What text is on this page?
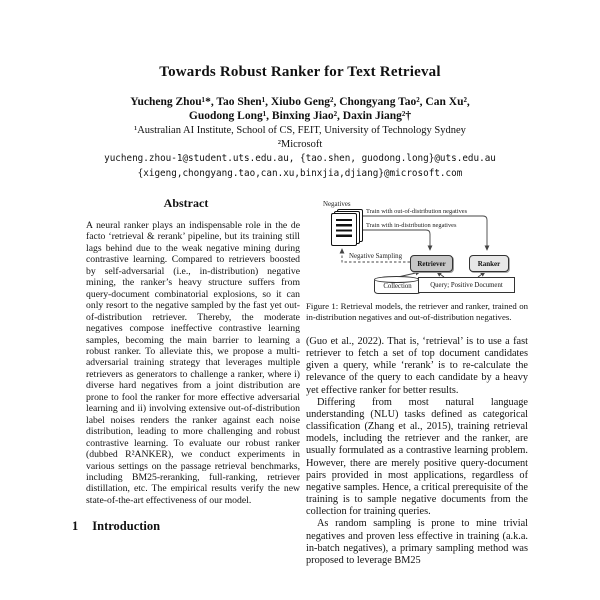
Towards Robust Ranker for Text Retrieval
Yucheng Zhou¹*, Tao Shen¹, Xiubo Geng², Chongyang Tao², Can Xu²,
Guodong Long¹, Binxing Jiao², Daxin Jiang²†
¹Australian AI Institute, School of CS, FEIT, University of Technology Sydney
²Microsoft
yucheng.zhou-1@student.uts.edu.au, {tao.shen, guodong.long}@uts.edu.au
{xigeng,chongyang.tao,can.xu,binxjia,djiang}@microsoft.com
Abstract

A neural ranker plays an indispensable role in the de facto ‘retrieval & rerank’ pipeline, but its training still lags behind due to the weak negative mining during contrastive learning. Compared to retrievers boosted by self-adversarial (i.e., in-distribution) negative mining, the ranker’s heavy structure suffers from query-document combinatorial explosions, so it can only resort to the negative sampled by the fast yet out-of-distribution retriever. Thereby, the moderate negatives compose ineffective contrastive learning samples, becoming the main barrier to learning a robust ranker. To alleviate this, we propose a multi-adversarial training strategy that leverages multiple retrievers as generators to challenge a ranker, where i) diverse hard negatives from a joint distribution are prone to fool the ranker for more effective adversarial learning and ii) involving extensive out-of-distribution label noises renders the ranker against each noise distribution, leading to more challenging and robust contrastive learning. To evaluate our robust ranker (dubbed R²ANKER), we conduct experiments in various settings on the passage retrieval benchmarks, including BM25-reranking, full-ranking, retriever distillation, etc. The empirical results verify the new state-of-the-art effectiveness of our model.

1 Introduction
Negatives
Train with out-of-distribution negatives
Train with in-distribution negatives
Negative Sampling
Retriever	Ranker
Collection	Query; Positive Document
Figure 1: Retrieval models, the retriever and ranker, trained on in-distribution negatives and out-of-distribution negatives.

(Guo et al., 2022). That is, ‘retrieval’ is to use a fast retriever to fetch a set of top document candidates given a query, while ‘rerank’ is to re-calculate the relevance of the query to each candidate by a heavy yet effective ranker for better results.

Differing from most natural language understanding (NLU) tasks defined as categorical classification (Zhang et al., 2015), training retrieval models, including the retriever and the ranker, are usually formulated as a contrastive learning problem. However, there are merely positive query-document pairs provided in most applications, regardless of negative samples. Hence, a critical prerequisite of the training is to sample negative documents from the collection for training queries.

As random sampling is prone to mine trivial negatives and proven less effective in training (a.k.a. in-batch negatives), a primary sampling method was proposed to leverage BM25
